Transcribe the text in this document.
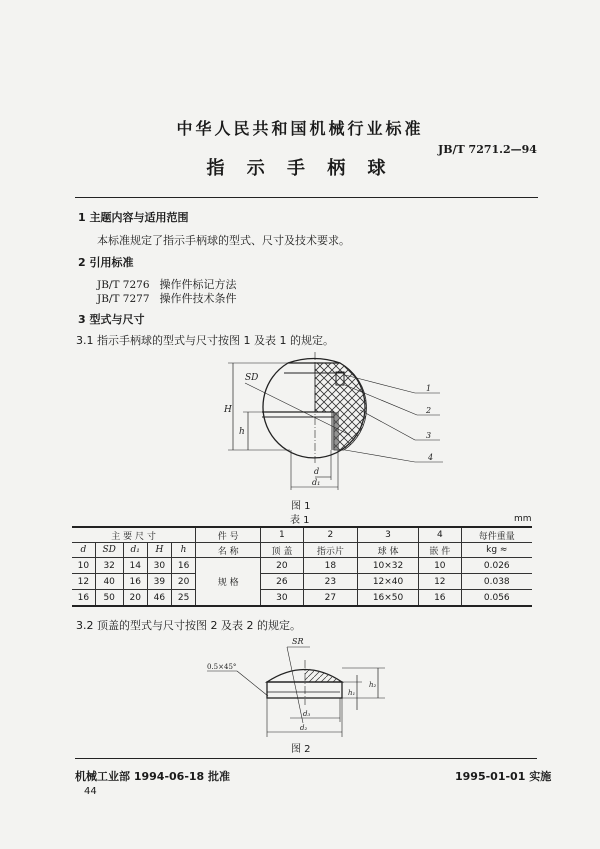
中华人民共和国机械行业标准
JB/T 7271.2—94
指 示 手 柄 球
1 主题内容与适用范围
本标准规定了指示手柄球的型式、尺寸及技术要求。
2 引用标准
JB/T 7276 操作件标记方法
JB/T 7277 操作件技术条件
3 型式与尺寸
3.1 指示手柄球的型式与尺寸按图 1 及表 1 的规定。
SD
H
h
d
d₁
1
2
3
4
图 1
表 1	mm
主 要 尺 寸					件 号	1	2	3	4	每件重量
d	SD	d₁	H	h	名 称	顶 盖	指示片	球 体	嵌 件	kg ≈
10	32	14	30	16	规 格	20	18	10×32	10	0.026
12	40	16	39	20		26	23	12×40	12	0.038
16	50	20	46	25		30	27	16×50	16	0.056
3.2 顶盖的型式与尺寸按图 2 及表 2 的规定。
SR
0.5×45°
h₁
h₂
d₃
d₂
图 2
机械工业部 1994-06-18 批准	1995-01-01 实施
44
